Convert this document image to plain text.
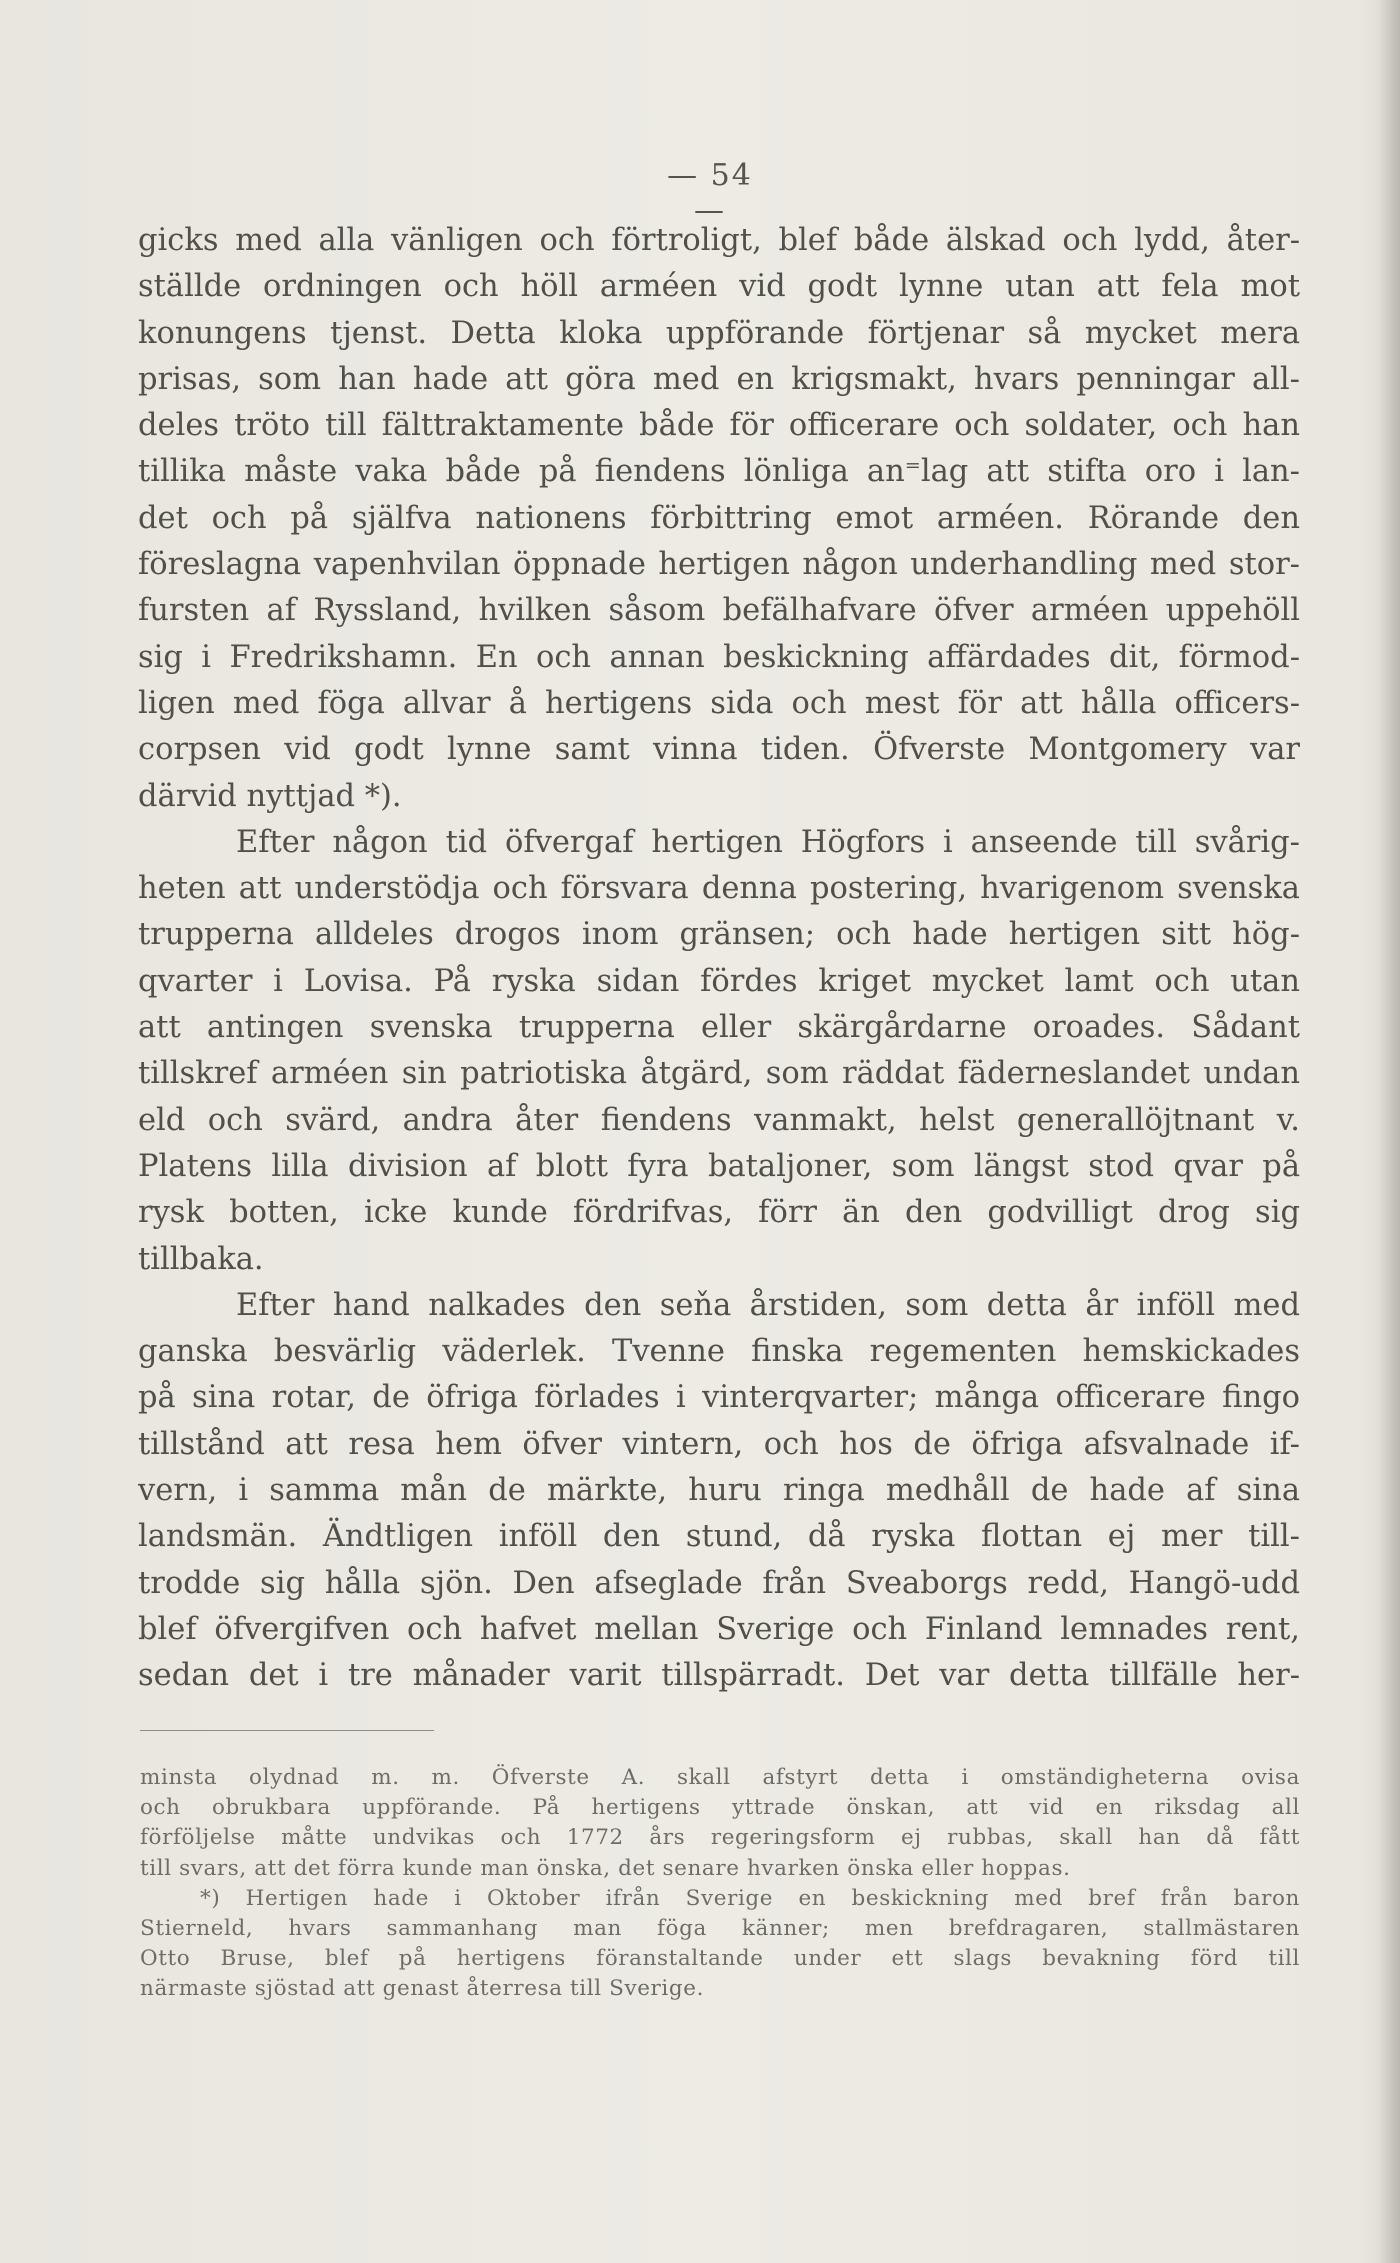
— 54 —
gicks med alla vänligen och förtroligt, blef både älskad och lydd, åter-
ställde ordningen och höll arméen vid godt lynne utan att fela mot
konungens tjenst. Detta kloka uppförande förtjenar så mycket mera
prisas, som han hade att göra med en krigsmakt, hvars penningar all-
deles tröto till fälttraktamente både för officerare och soldater, och han
tillika måste vaka både på fiendens lönliga an⁼lag att stifta oro i lan-
det och på själfva nationens förbittring emot arméen. Rörande den
föreslagna vapenhvilan öppnade hertigen någon underhandling med stor-
fursten af Ryssland, hvilken såsom befälhafvare öfver arméen uppehöll
sig i Fredrikshamn. En och annan beskickning affärdades dit, förmod-
ligen med föga allvar å hertigens sida och mest för att hålla officers-
corpsen vid godt lynne samt vinna tiden. Öfverste Montgomery var
därvid nyttjad *).
Efter någon tid öfvergaf hertigen Högfors i anseende till svårig-
heten att understödja och försvara denna postering, hvarigenom svenska
trupperna alldeles drogos inom gränsen; och hade hertigen sitt hög-
qvarter i Lovisa. På ryska sidan fördes kriget mycket lamt och utan
att antingen svenska trupperna eller skärgårdarne oroades. Sådant
tillskref arméen sin patriotiska åtgärd, som räddat fäderneslandet undan
eld och svärd, andra åter fiendens vanmakt, helst generallöjtnant v.
Platens lilla division af blott fyra bataljoner, som längst stod qvar på
rysk botten, icke kunde fördrifvas, förr än den godvilligt drog sig
tillbaka.
Efter hand nalkades den seňa årstiden, som detta år inföll med
ganska besvärlig väderlek. Tvenne finska regementen hemskickades
på sina rotar, de öfriga förlades i vinterqvarter; många officerare fingo
tillstånd att resa hem öfver vintern, och hos de öfriga afsvalnade if-
vern, i samma mån de märkte, huru ringa medhåll de hade af sina
landsmän. Ändtligen inföll den stund, då ryska flottan ej mer till-
trodde sig hålla sjön. Den afseglade från Sveaborgs redd, Hangö-udd
blef öfvergifven och hafvet mellan Sverige och Finland lemnades rent,
sedan det i tre månader varit tillspärradt. Det var detta tillfälle her-
minsta olydnad m. m. Öfverste A. skall afstyrt detta i omständigheterna ovisa
och obrukbara uppförande. På hertigens yttrade önskan, att vid en riksdag all
förföljelse måtte undvikas och 1772 års regeringsform ej rubbas, skall han då fått
till svars, att det förra kunde man önska, det senare hvarken önska eller hoppas.
*) Hertigen hade i Oktober ifrån Sverige en beskickning med bref från baron
Stierneld, hvars sammanhang man föga känner; men brefdragaren, stallmästaren
Otto Bruse, blef på hertigens föranstaltande under ett slags bevakning förd till
närmaste sjöstad att genast återresa till Sverige.
